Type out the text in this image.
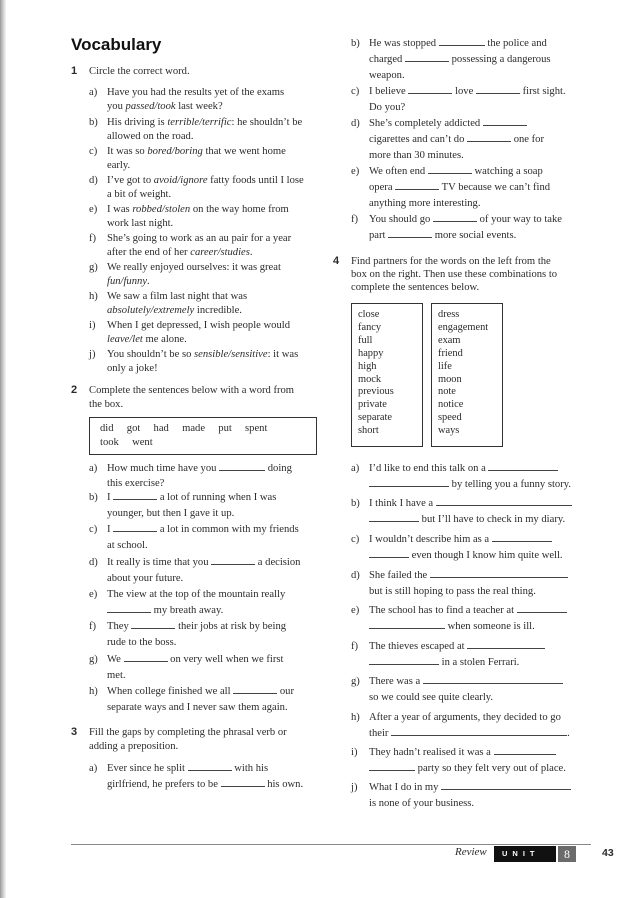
Vocabulary
1 Circle the correct word.
a) Have you had the results yet of the exams
you passed/took last week?
b) His driving is terrible/terrific: he shouldn’t be
allowed on the road.
c) It was so bored/boring that we went home
early.
d) I’ve got to avoid/ignore fatty foods until I lose
a bit of weight.
e) I was robbed/stolen on the way home from
work last night.
f)	She’s going to work as an au pair for a year
after the end of her career/studies.
g) We really enjoyed ourselves: it was great
fun/funny.
h) We saw a film last night that was
absolutely/extremely incredible.
i)	When I get depressed, I wish people would
leave/let me alone.
j)	You shouldn’t be so sensible/sensitive: it was
only a joke!
2 Complete the sentences below with a word from
the box.
did     got     had     made     put     spent
took     went
a) How much time have you	doing
this exercise?
b) I	a lot of running when I was
younger, but then I gave it up.
c) I	a lot in common with my friends
at school.
d) It really is time that you	a decision
about your future.
e) The view at the top of the mountain really
my breath away.
f)	They	their jobs at risk by being
rude to the boss.
g) We	on very well when we first
met.
h) When college finished we all	our
separate ways and I never saw them again.
3 Fill the gaps by completing the phrasal verb or
adding a preposition.
a) Ever since he split	with his
girlfriend, he prefers to be	his own.
b) He was stopped	the police and
charged	possessing a dangerous
weapon.
c) I believe	love	first sight.
Do you?
d) She’s completely addicted
cigarettes and can’t do	one for
more than 30 minutes.
e) We often end	watching a soap
opera	TV because we can’t find
anything more interesting.
f)	You should go	of your way to take
part	more social events.
4 Find partners for the words on the left from the
box on the right. Then use these combinations to
complete the sentences below.
close
fancy
full
happy
high
mock
previous
private
separate
short
dress
engagement
exam
friend
life
moon
note
notice
speed
ways
a) I’d like to end this talk on a
by telling you a funny story.
b) I think I have a
but I’ll have to check in my diary.
c) I wouldn’t describe him as a
even though I know him quite well.
d) She failed the
but is still hoping to pass the real thing.
e) The school has to find a teacher at
when someone is ill.
f)	The thieves escaped at
in a stolen Ferrari.
g) There was a
so we could see quite clearly.
h) After a year of arguments, they decided to go
their	.
i)	They hadn’t realised it was a
party so they felt very out of place.
j)	What I do in my
is none of your business.
Review	UNIT	8	43
